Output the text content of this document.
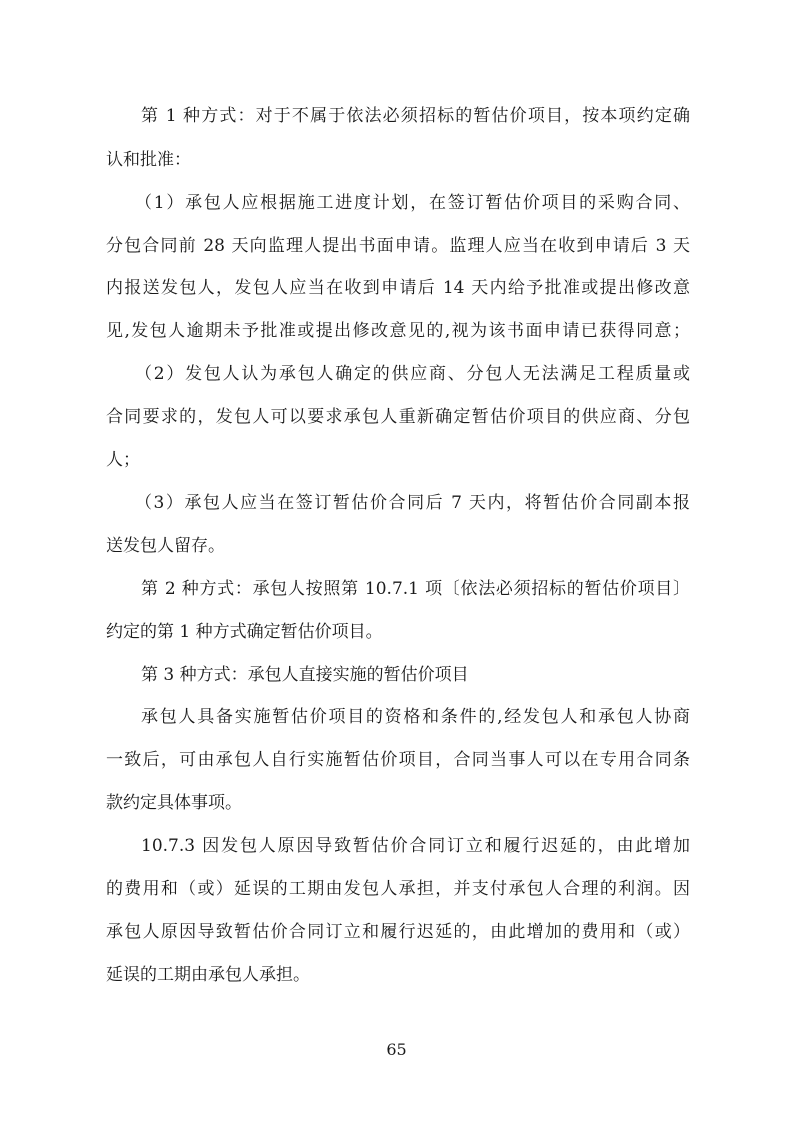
第 1 种方式：对于不属于依法必须招标的暂估价项目，按本项约定确
认和批准：
（1）承包人应根据施工进度计划，在签订暂估价项目的采购合同、
分包合同前 28 天向监理人提出书面申请。监理人应当在收到申请后 3 天
内报送发包人，发包人应当在收到申请后 14 天内给予批准或提出修改意
见,发包人逾期未予批准或提出修改意见的,视为该书面申请已获得同意；
（2）发包人认为承包人确定的供应商、分包人无法满足工程质量或
合同要求的，发包人可以要求承包人重新确定暂估价项目的供应商、分包
人；
（3）承包人应当在签订暂估价合同后 7 天内，将暂估价合同副本报
送发包人留存。
第 2 种方式：承包人按照第 10.7.1 项〔依法必须招标的暂估价项目〕
约定的第 1 种方式确定暂估价项目。
第 3 种方式：承包人直接实施的暂估价项目
承包人具备实施暂估价项目的资格和条件的,经发包人和承包人协商
一致后，可由承包人自行实施暂估价项目，合同当事人可以在专用合同条
款约定具体事项。
10.7.3 因发包人原因导致暂估价合同订立和履行迟延的，由此增加
的费用和（或）延误的工期由发包人承担，并支付承包人合理的利润。因
承包人原因导致暂估价合同订立和履行迟延的，由此增加的费用和（或）
延误的工期由承包人承担。
65
